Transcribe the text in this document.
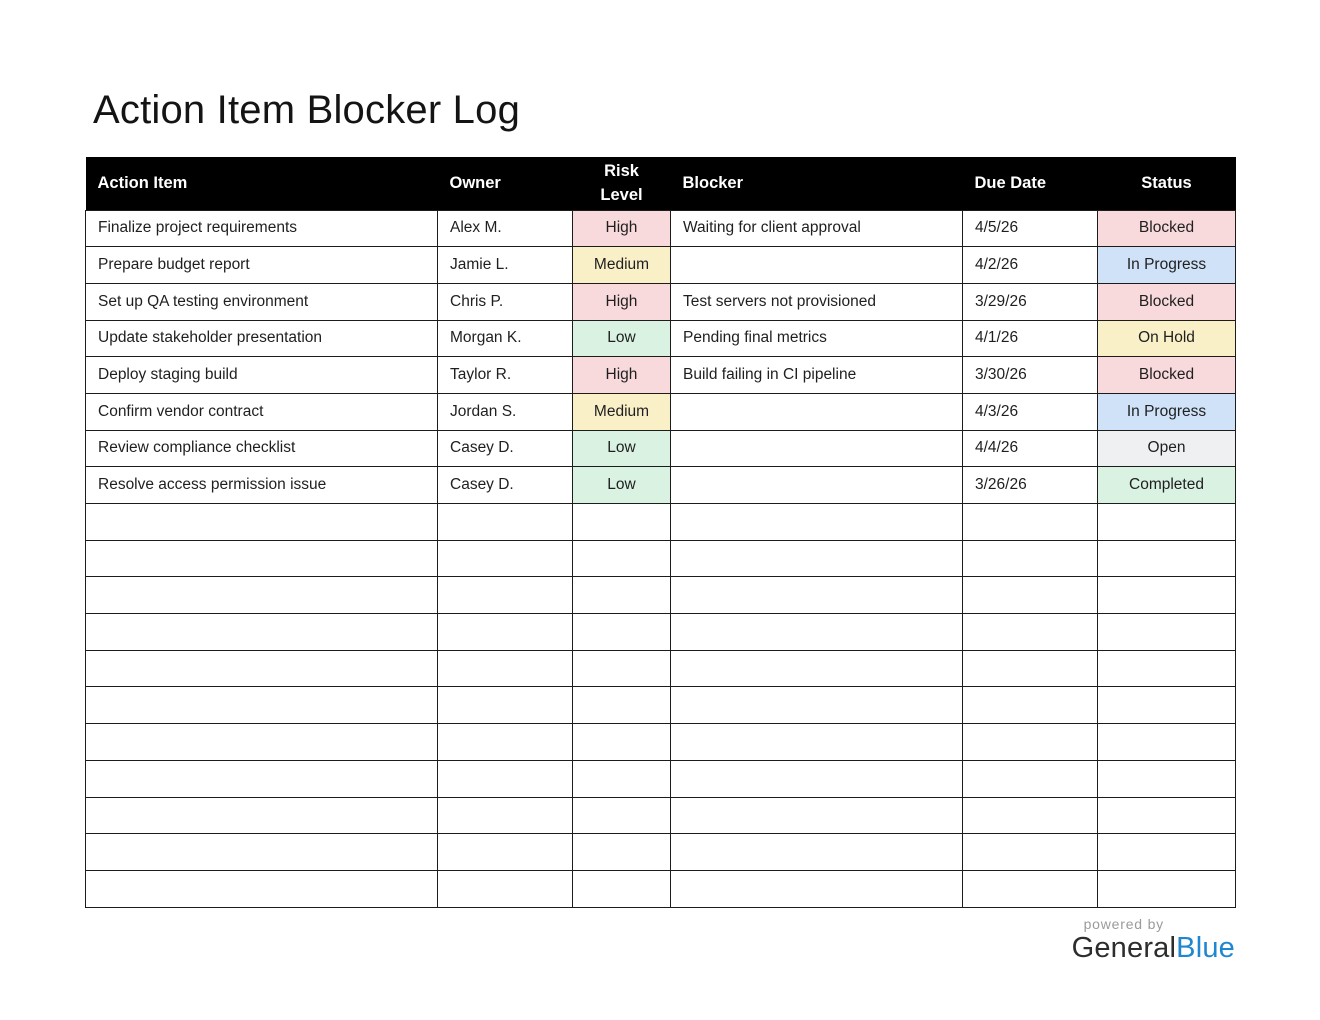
Action Item Blocker Log
Action Item	Owner	Risk Level	Blocker	Due Date	Status
Finalize project requirements	Alex M.	High	Waiting for client approval	4/5/26	Blocked
Prepare budget report	Jamie L.	Medium		4/2/26	In Progress
Set up QA testing environment	Chris P.	High	Test servers not provisioned	3/29/26	Blocked
Update stakeholder presentation	Morgan K.	Low	Pending final metrics	4/1/26	On Hold
Deploy staging build	Taylor R.	High	Build failing in CI pipeline	3/30/26	Blocked
Confirm vendor contract	Jordan S.	Medium		4/3/26	In Progress
Review compliance checklist	Casey D.	Low		4/4/26	Open
Resolve access permission issue	Casey D.	Low		3/26/26	Completed

powered by
GeneralBlue
